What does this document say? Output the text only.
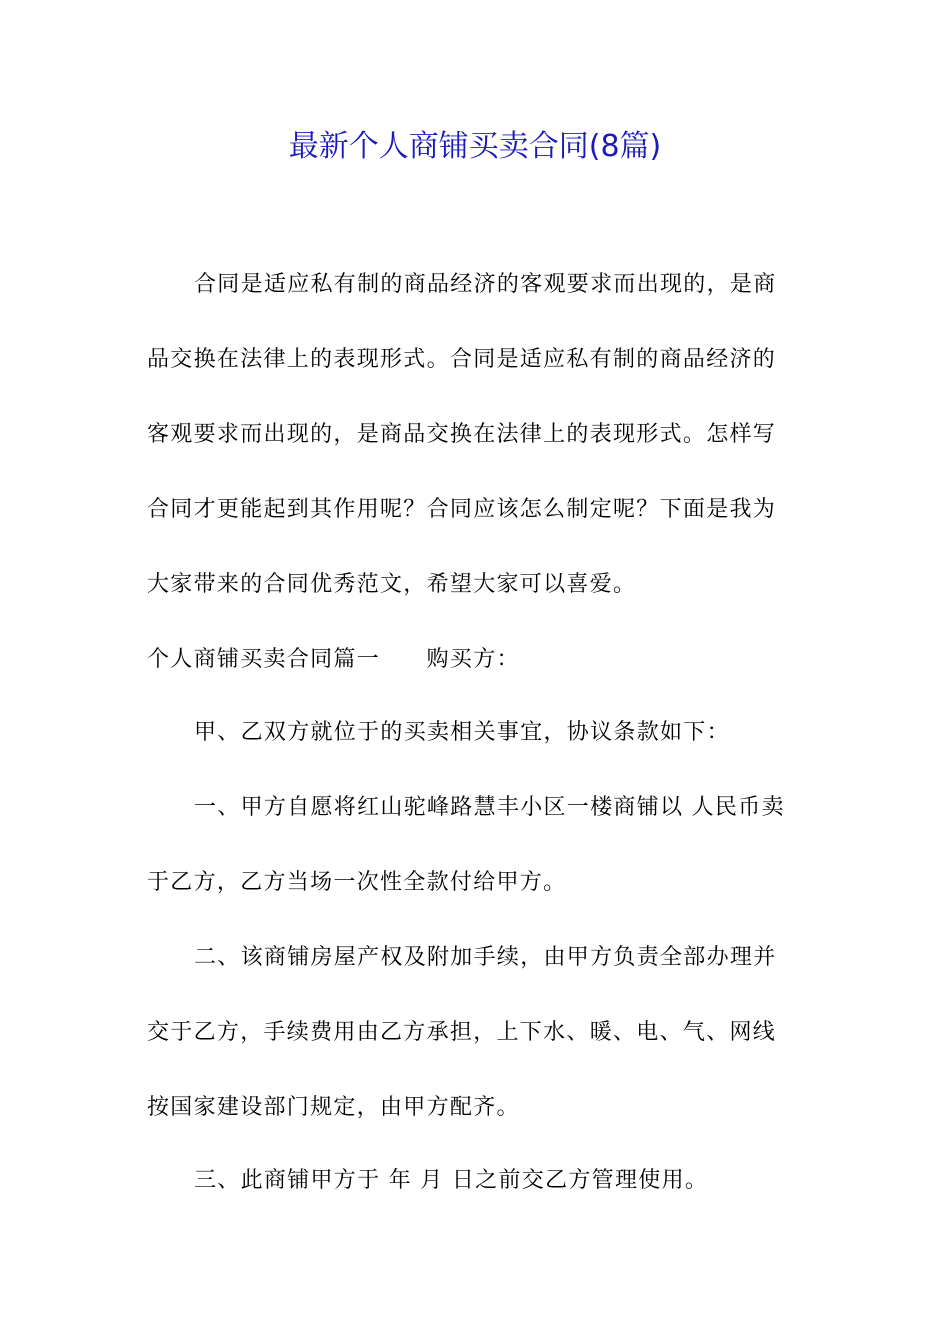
最新个人商铺买卖合同(8篇)
合同是适应私有制的商品经济的客观要求而出现的，是商
品交换在法律上的表现形式。合同是适应私有制的商品经济的
客观要求而出现的，是商品交换在法律上的表现形式。怎样写
合同才更能起到其作用呢？合同应该怎么制定呢？下面是我为
大家带来的合同优秀范文，希望大家可以喜爱。
个人商铺买卖合同篇一　　购买方：
甲、乙双方就位于的买卖相关事宜，协议条款如下：
一、甲方自愿将红山驼峰路慧丰小区一楼商铺以 人民币卖
于乙方，乙方当场一次性全款付给甲方。
二、该商铺房屋产权及附加手续，由甲方负责全部办理并
交于乙方，手续费用由乙方承担，上下水、暖、电、气、网线
按国家建设部门规定，由甲方配齐。
三、此商铺甲方于 年 月 日之前交乙方管理使用。
